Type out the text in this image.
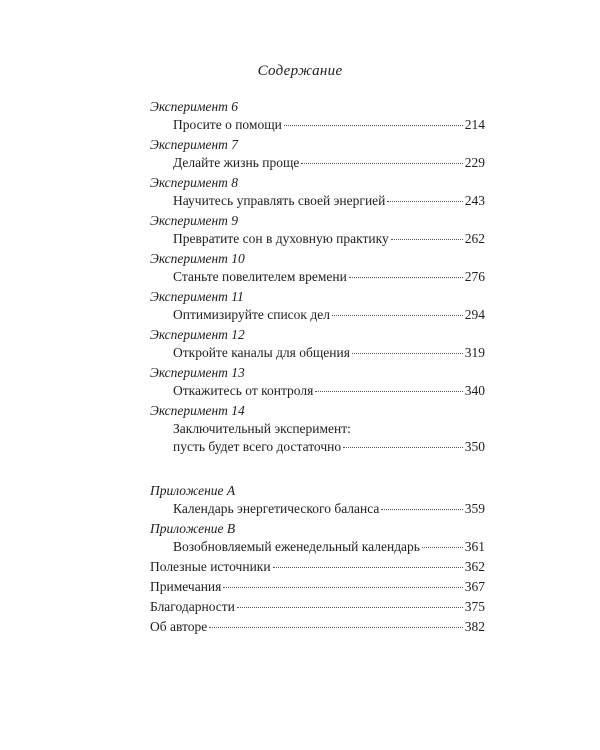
Содержание
Эксперимент 6
Просите о помощи	214
Эксперимент 7
Делайте жизнь проще	229
Эксперимент 8
Научитесь управлять своей энергией	243
Эксперимент 9
Превратите сон в духовную практику	262
Эксперимент 10
Станьте повелителем времени	276
Эксперимент 11
Оптимизируйте список дел	294
Эксперимент 12
Откройте каналы для общения	319
Эксперимент 13
Откажитесь от контроля	340
Эксперимент 14
Заключительный эксперимент:
пусть будет всего достаточно	350
Приложение A
Календарь энергетического баланса	359
Приложение B
Возобновляемый еженедельный календарь	361
Полезные источники	362
Примечания	367
Благодарности	375
Об авторе	382
